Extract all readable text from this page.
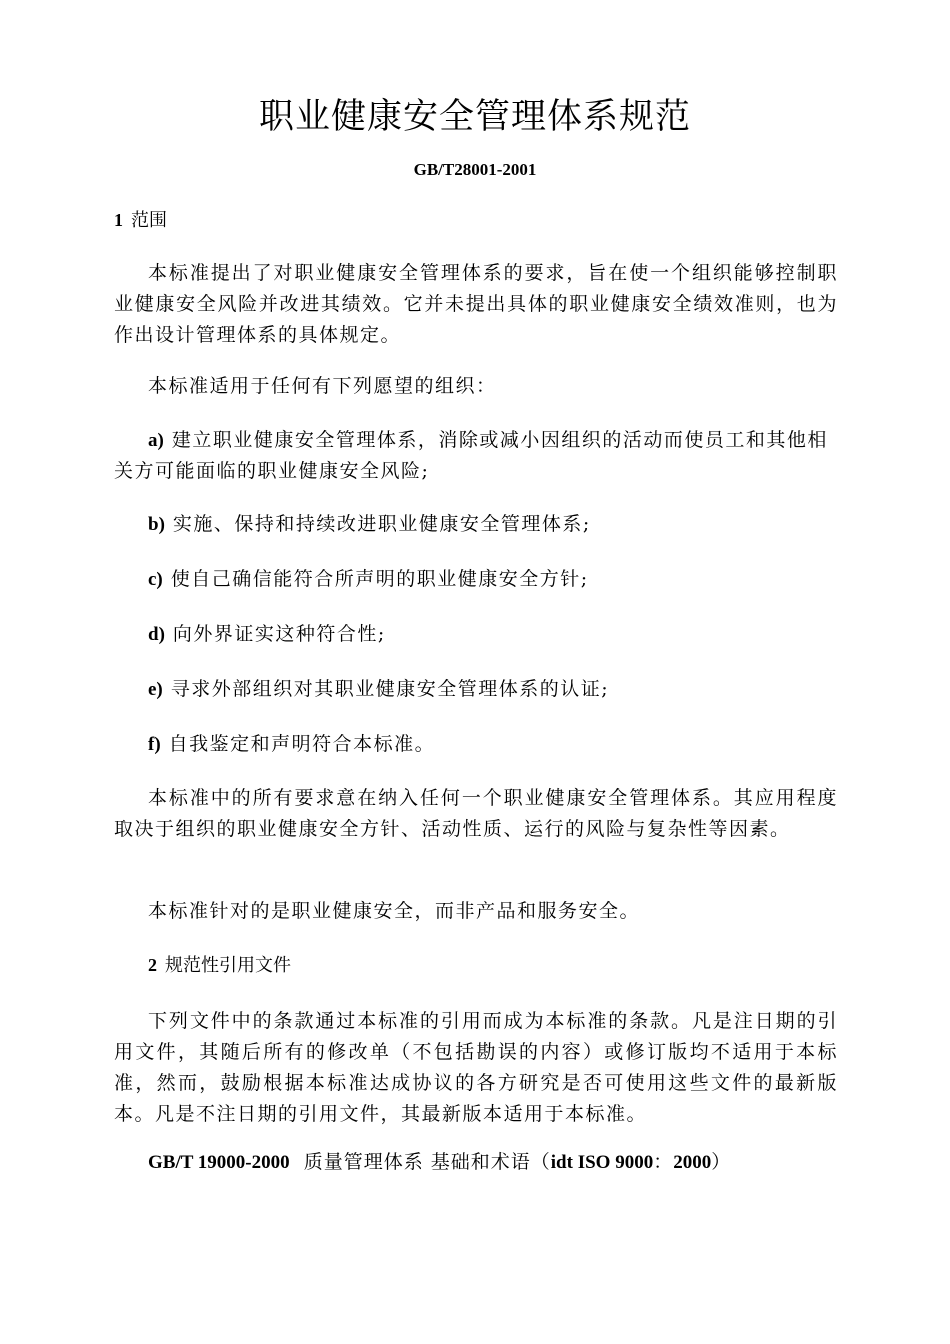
职业健康安全管理体系规范
GB/T28001-2001
1 范围

本标准提出了对职业健康安全管理体系的要求，旨在使一个组织能够控制职业健康安全风险并改进其绩效。它并未提出具体的职业健康安全绩效准则，也为作出设计管理体系的具体规定。

本标准适用于任何有下列愿望的组织：

a) 建立职业健康安全管理体系，消除或减小因组织的活动而使员工和其他相关方可能面临的职业健康安全风险;

b) 实施、保持和持续改进职业健康安全管理体系;

c) 使自己确信能符合所声明的职业健康安全方针;

d) 向外界证实这种符合性;

e) 寻求外部组织对其职业健康安全管理体系的认证;

f) 自我鉴定和声明符合本标准。

本标准中的所有要求意在纳入任何一个职业健康安全管理体系。其应用程度取决于组织的职业健康安全方针、活动性质、运行的风险与复杂性等因素。

本标准针对的是职业健康安全，而非产品和服务安全。

2 规范性引用文件

下列文件中的条款通过本标准的引用而成为本标准的条款。凡是注日期的引用文件，其随后所有的修改单（不包括勘误的内容）或修订版均不适用于本标准，然而，鼓励根据本标准达成协议的各方研究是否可使用这些文件的最新版本。凡是不注日期的引用文件，其最新版本适用于本标准。

GB/T 19000-2000 质量管理体系 基础和术语（idt ISO 9000：2000）
